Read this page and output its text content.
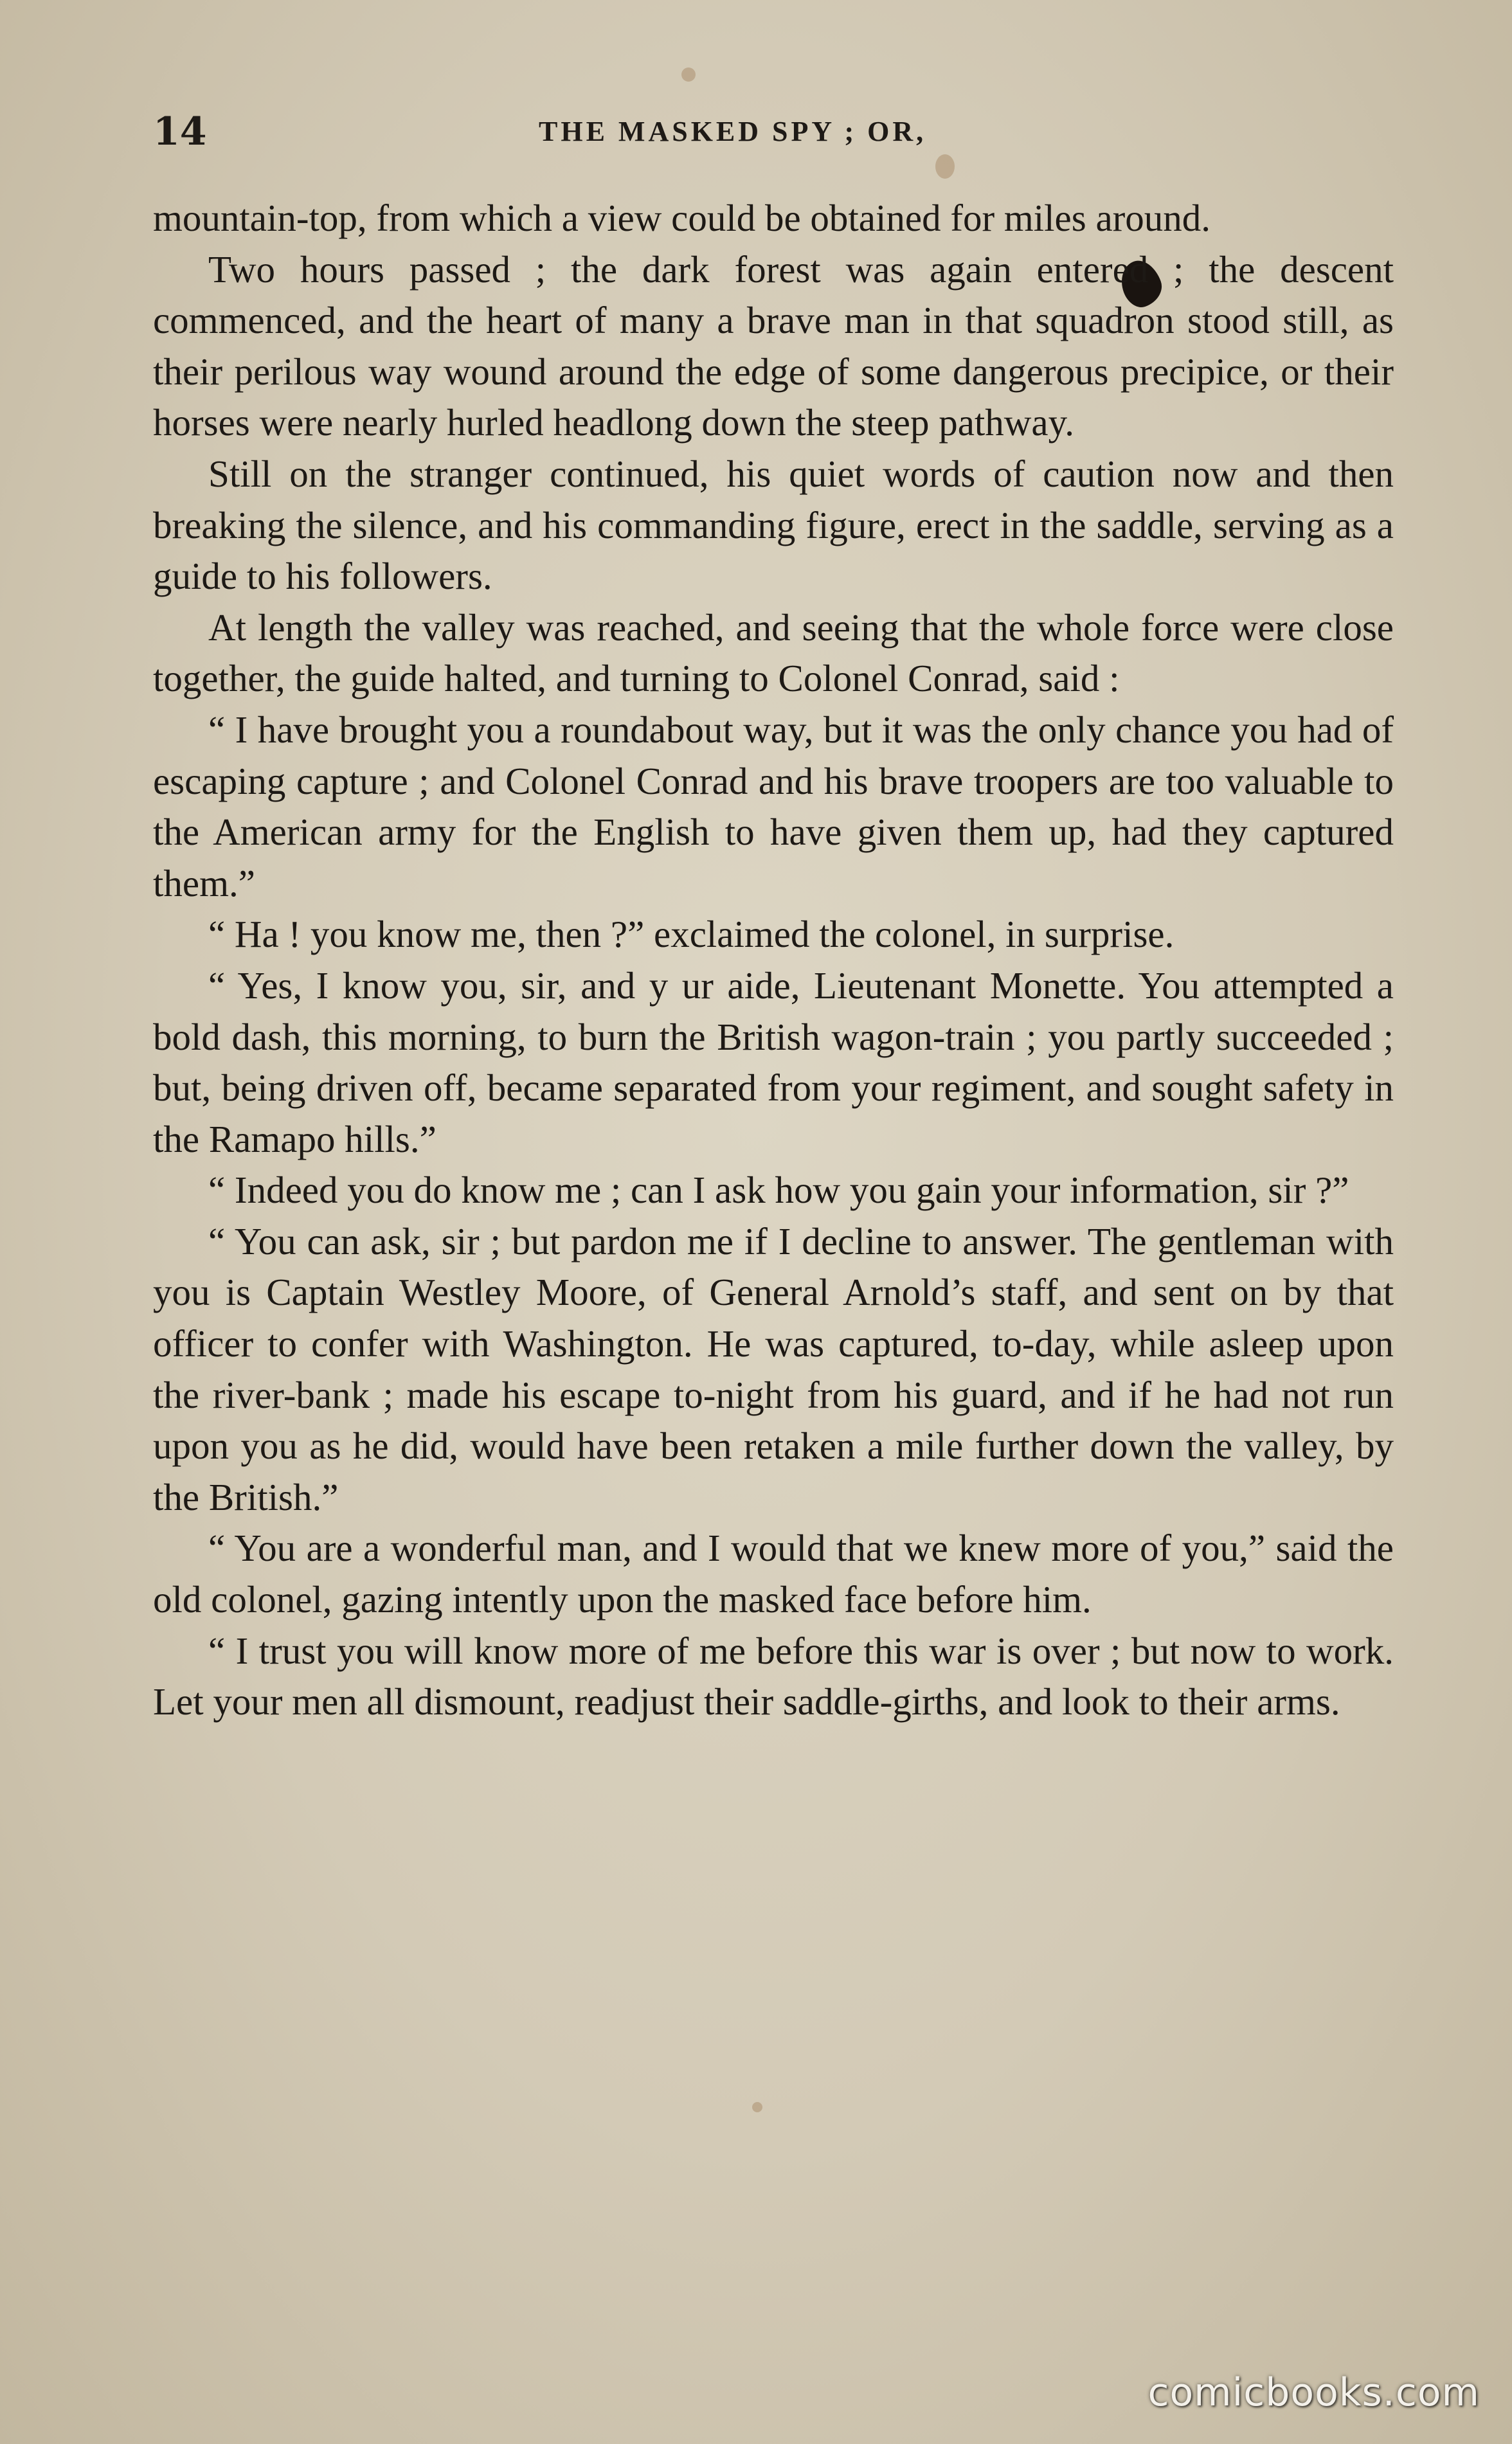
14	THE MASKED SPY ; OR,

mountain-top, from which a view could be obtained for miles around.

Two hours passed ; the dark forest was again entered ; the descent commenced, and the heart of many a brave man in that squadron stood still, as their perilous way wound around the edge of some dangerous precipice, or their horses were nearly hurled headlong down the steep pathway.

Still on the stranger continued, his quiet words of caution now and then breaking the silence, and his commanding figure, erect in the saddle, serving as a guide to his followers.

At length the valley was reached, and seeing that the whole force were close together, the guide halted, and turning to Colonel Conrad, said :

“ I have brought you a roundabout way, but it was the only chance you had of escaping capture ; and Colonel Conrad and his brave troopers are too valuable to the American army for the English to have given them up, had they captured them.”

“ Ha ! you know me, then ?” exclaimed the colonel, in surprise.

“ Yes, I know you, sir, and y ur aide, Lieutenant Monette. You attempted a bold dash, this morning, to burn the British wagon-train ; you partly succeeded ; but, being driven off, became separated from your regiment, and sought safety in the Ramapo hills.”

“ Indeed you do know me ; can I ask how you gain your information, sir ?”

“ You can ask, sir ; but pardon me if I decline to answer. The gentleman with you is Captain Westley Moore, of General Arnold’s staff, and sent on by that officer to confer with Washington. He was captured, to-day, while asleep upon the river-bank ; made his escape to-night from his guard, and if he had not run upon you as he did, would have been retaken a mile further down the valley, by the British.”

“ You are a wonderful man, and I would that we knew more of you,” said the old colonel, gazing intently upon the masked face before him.

“ I trust you will know more of me before this war is over ; but now to work. Let your men all dismount, readjust their saddle-girths, and look to their arms.

comicbooks.com
